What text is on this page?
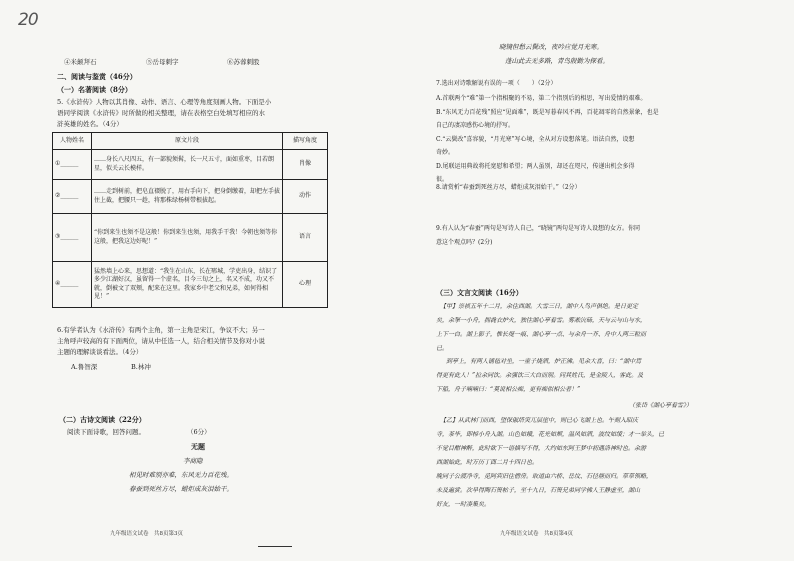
20
④米颠拜石	⑤岳母刺字	⑥苏蓉刺股
二、阅读与鉴赏（46分）
（一）名著阅读（8分）
5.《水浒传》人物以其肖像、动作、语言、心理等角度刻画人物。下面是小
语同学阅读《水浒传》时所做的相关整理，请在表格空白处填写相应的水
浒英雄的姓名。（4分）
人物姓名	原文片段	描写角度
①______	……身长八尺四五，有一部貌须髯，长一尺五寸，面如重枣，目若朗星，似关云长模样。	肖像
②______	……走到树前，把皂直裰脱了，用右手向下，把身倒缴着，却把左手拔住上截，把腰只一趁，将那株绿杨树带根拔起。	动作
③______	“你到来生也须不是这般！你到来生也须，用我手干我！今朝也须等你这般，把我这边好呢！”	语言
④______	猛然墙上心来，思想道：“我生在山东，长在郓城，学吏出身，结识了多少江湖好汉，虽留得一个虚名，目今三旬之上，名又不成，功又不就，倒被文了双颊，配来在这里。我家乡中老父和兄弟，如何得相见！”	心理
6.有学者认为《水浒传》有两个主角，第一主角是宋江，争议不大；另一
主角呼声较高的有下面两位，请从中任选一人，结合相关情节及你对小说
主题的理解谈谈看法。（4分）
A.鲁智深	B.林冲
（二）古诗文阅读（22分）
阅读下面诗歌，回答问题。	（6分）
无题
李商隐
相见时难别亦难，东风无力百花残。
春蚕到死丝方尽，蜡炬成灰泪始干。
九年级语文试卷　共8页第3页
晓镜但愁云鬓改，夜吟应觉月光寒。
蓬山此去无多路，青鸟殷勤为探看。
7.选出对诗歌解说有误的一项（　　）（2分）
A.首联两个“难”第一个指相聚的不易，第二个指别后的相思，写出爱情的艰难。
B.“东风无力百花残”照应“见面难”，既是写暮春风不再，百花凋零的自然景象，也是
自己的凄凉感伤心境的抒写。
C.“云鬓改”喜容貌，“月光寒”写心境，全从对方设想落笔。语法自然，设想
奇妙。
D.尾联运用典故将托宽慰和希望；两人虽别，却还在咫尺，传递出机会多得
很。
8.请赏析“春蚕到死丝方尽，蜡炬成灰泪始干。”（2分）
9.有人认为“春蚕”两句是写诗人自己，“晓镜”两句是写诗人设想的女方。你同
意这个观点吗？(2分)
（三）文言文阅读（16分）
【甲】崇祯五年十二月，余住西湖。大雪三日，湖中人鸟声俱绝。是日更定
矣，余拏一小舟，拥毳衣炉火，独往湖心亭看雪。雾凇沆砀，天与云与山与水，
上下一白。湖上影子，惟长堤一痕、湖心亭一点、与余舟一芥、舟中人两三粒而
已。
　到亭上，有两人铺毡对坐，一童子烧酒，炉正沸。见余大喜，曰：“湖中焉
得更有此人！”拉余同饮。余强饮三大白而别。问其姓氏，是金陵人，客此。及
下船，舟子喃喃曰：“莫说相公痴，更有痴似相公者！”
（张岱《湖心亭看雪》）
【乙】从武林门而西，望保俶塔突兀层崖中，则已心飞湖上也。午刻入昭庆
寺，茶毕，即棹小舟入湖。山色如娥，花光如颊，温风如酒，波纹如绫；才一举头，已
不觉目酣神醉，此时欲下一语描写不得，大约如东阿王梦中初遇洛神时也。余游
西湖始此，时万历丁酉二月十四日也。
晚同子公渡净寺，觅阿宾旧住僧房。取道由六桥、岳坟、石径塘而归。草草领略，
未及遍赏。次早得陶石篑帖子，至十九日，石篑兄弟同学佛人王静虚至，湖山
好友，一时凑集矣。
九年级语文试卷　共8页第4页
